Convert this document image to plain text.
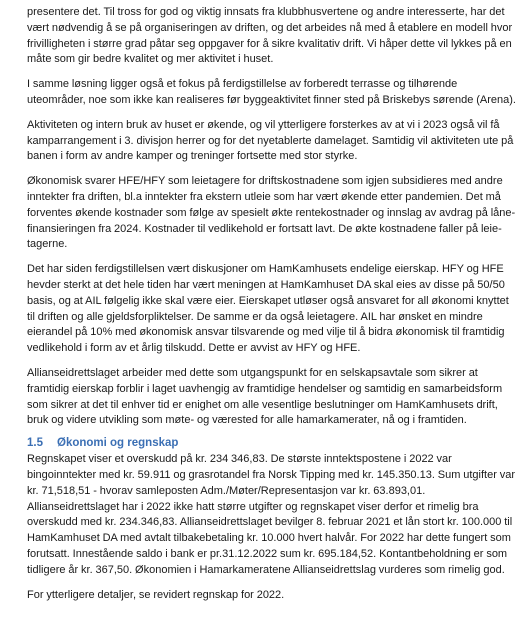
presentere det. Til tross for god og viktig innsats fra klubbhusvertene og andre interesserte, har det vært nødvendig å se på organiseringen av driften, og det arbeides nå med å etablere en modell hvor frivilligheten i større grad påtar seg oppgaver for å sikre kvalitativ drift. Vi håper dette vil lykkes på en måte som gir bedre kvalitet og mer aktivitet i huset.

I samme løsning ligger også et fokus på ferdigstillelse av forberedt terrasse og tilhørende uteområder, noe som ikke kan realiseres før byggeaktivitet finner sted på Briskebys sørende (Arena).

Aktiviteten og intern bruk av huset er økende, og vil ytterligere forsterkes av at vi i 2023 også vil få kamparrangement i 3. divisjon herrer og for det nyetablerte damelaget. Samtidig vil aktiviteten ute på banen i form av andre kamper og treninger fortsette med stor styrke.

Økonomisk svarer HFE/HFY som leietagere for driftskostnadene som igjen subsidieres med andre inntekter fra driften, bl.a inntekter fra ekstern utleie som har vært økende etter pandemien. Det må forventes økende kostnader som følge av spesielt økte rentekostnader og innslag av avdrag på låne-finansieringen fra 2024. Kostnader til vedlikehold er fortsatt lavt. De økte kostnadene faller på leie-tagerne.

Det har siden ferdigstillelsen vært diskusjoner om HamKamhusets endelige eierskap. HFY og HFE hevder sterkt at det hele tiden har vært meningen at HamKamhuset DA skal eies av disse på 50/50 basis, og at AIL følgelig ikke skal være eier. Eierskapet utløser også ansvaret for all økonomi knyttet til driften og alle gjeldsforpliktelser. De samme er da også leietagere. AIL har ønsket en mindre eierandel på 10% med økonomisk ansvar tilsvarende og med vilje til å bidra økonomisk til framtidig vedlikehold i form av et årlig tilskudd. Dette er avvist av HFY og HFE.

Allianseidrettslaget arbeider med dette som utgangspunkt for en selskapsavtale som sikrer at framtidig eierskap forblir i laget uavhengig av framtidige hendelser og samtidig en samarbeidsform som sikrer at det til enhver tid er enighet om alle vesentlige beslutninger om HamKamhusets drift, bruk og videre utvikling som møte- og værested for alle hamarkamerater, nå og i framtiden.

1.5 Økonomi og regnskap

Regnskapet viser et overskudd på kr. 234 346,83. De største inntektspostene i 2022 var bingoinntekter med kr. 59.911 og grasrotandel fra Norsk Tipping med kr. 145.350.13. Sum utgifter var kr. 71,518,51 - hvorav samleposten Adm./Møter/Representasjon var kr. 63.893,01. Allianseidrettslaget har i 2022 ikke hatt større utgifter og regnskapet viser derfor et rimelig bra overskudd med kr. 234.346,83. Allianseidrettslaget bevilger 8. februar 2021 et lån stort kr. 100.000 til HamKamhuset DA med avtalt tilbakebetaling kr. 10.000 hvert halvår. For 2022 har dette fungert som forutsatt. Innestående saldo i bank er pr.31.12.2022 sum kr. 695.184,52. Kontantbeholdning er som tidligere år kr. 367,50. Økonomien i Hamarkameratene Allianseidrettslag vurderes som rimelig god.

For ytterligere detaljer, se revidert regnskap for 2022.
